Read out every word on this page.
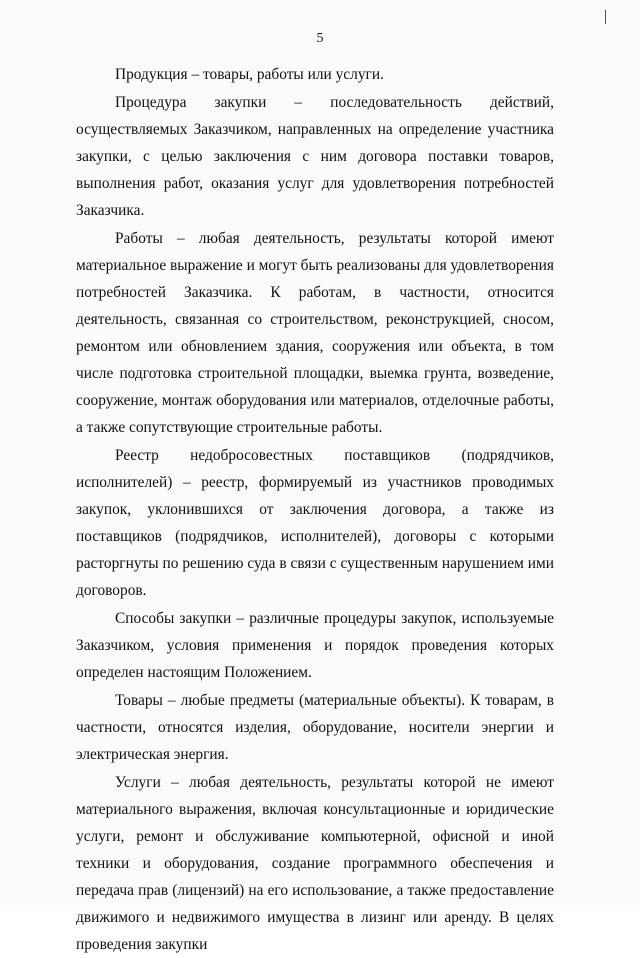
5

Продукция – товары, работы или услуги.

Процедура закупки – последовательность действий, осуществляемых Заказчиком, направленных на определение участника закупки, с целью заключения с ним договора поставки товаров, выполнения работ, оказания услуг для удовлетворения потребностей Заказчика.

Работы – любая деятельность, результаты которой имеют материальное выражение и могут быть реализованы для удовлетворения потребностей Заказчика. К работам, в частности, относится деятельность, связанная со строительством, реконструкцией, сносом, ремонтом или обновлением здания, сооружения или объекта, в том числе подготовка строительной площадки, выемка грунта, возведение, сооружение, монтаж оборудования или материалов, отделочные работы, а также сопутствующие строительные работы.

Реестр недобросовестных поставщиков (подрядчиков, исполнителей) – реестр, формируемый из участников проводимых закупок, уклонившихся от заключения договора, а также из поставщиков (подрядчиков, исполнителей), договоры с которыми расторгнуты по решению суда в связи с существенным нарушением ими договоров.

Способы закупки – различные процедуры закупок, используемые Заказчиком, условия применения и порядок проведения которых определен настоящим Положением.

Товары – любые предметы (материальные объекты). К товарам, в частности, относятся изделия, оборудование, носители энергии и электрическая энергия.

Услуги – любая деятельность, результаты которой не имеют материального выражения, включая консультационные и юридические услуги, ремонт и обслуживание компьютерной, офисной и иной техники и оборудования, создание программного обеспечения и передача прав (лицензий) на его использование, а также предоставление движимого и недвижимого имущества в лизинг или аренду. В целях проведения закупки
